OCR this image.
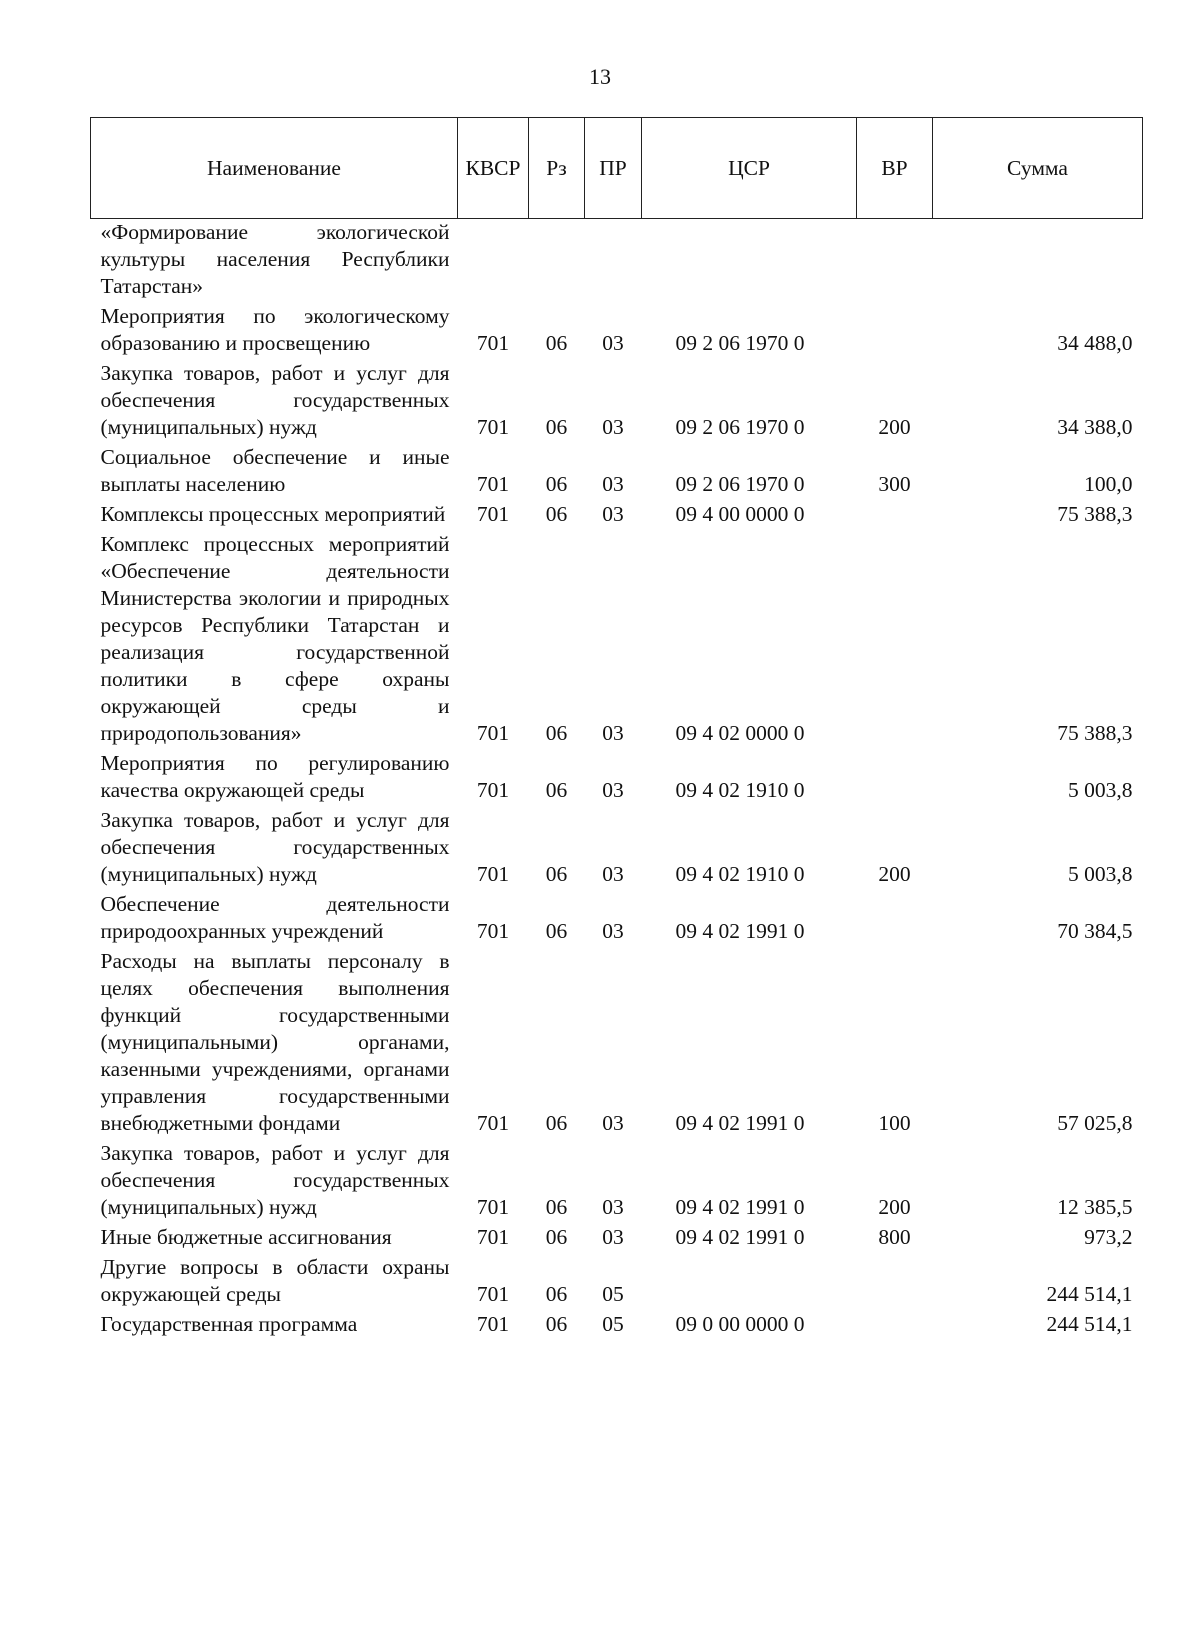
13
Наименование	КВСР	Рз	ПР	ЦСР	ВР	Сумма
«Формирование экологической культуры населения Республики Татарстан»						
Мероприятия по экологическому образованию и просвещению	701	06	03	09 2 06 1970 0		34 488,0
Закупка товаров, работ и услуг для обеспечения государственных (муниципальных) нужд	701	06	03	09 2 06 1970 0	200	34 388,0
Социальное обеспечение и иные выплаты населению	701	06	03	09 2 06 1970 0	300	100,0
Комплексы процессных мероприятий	701	06	03	09 4 00 0000 0		75 388,3
Комплекс процессных мероприятий «Обеспечение деятельности Министерства экологии и природных ресурсов Республики Татарстан и реализация государственной политики в сфере охраны окружающей среды и природопользования»	701	06	03	09 4 02 0000 0		75 388,3
Мероприятия по регулированию качества окружающей среды	701	06	03	09 4 02 1910 0		5 003,8
Закупка товаров, работ и услуг для обеспечения государственных (муниципальных) нужд	701	06	03	09 4 02 1910 0	200	5 003,8
Обеспечение деятельности природоохранных учреждений	701	06	03	09 4 02 1991 0		70 384,5
Расходы на выплаты персоналу в целях обеспечения выполнения функций государственными (муниципальными) органами, казенными учреждениями, органами управления государственными внебюджетными фондами	701	06	03	09 4 02 1991 0	100	57 025,8
Закупка товаров, работ и услуг для обеспечения государственных (муниципальных) нужд	701	06	03	09 4 02 1991 0	200	12 385,5
Иные бюджетные ассигнования	701	06	03	09 4 02 1991 0	800	973,2
Другие вопросы в области охраны окружающей среды	701	06	05			244 514,1
Государственная программа	701	06	05	09 0 00 0000 0		244 514,1
